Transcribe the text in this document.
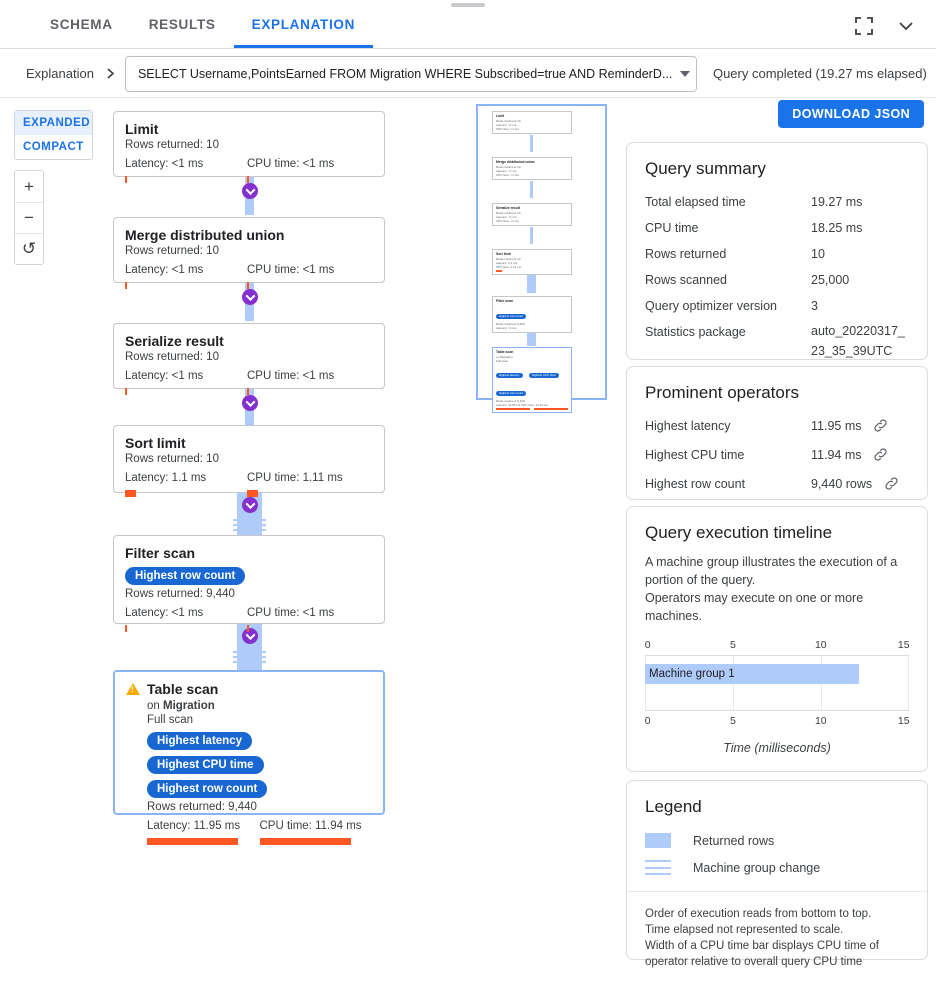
SCHEMA	RESULTS	EXPLANATION
Explanation	SELECT Username,PointsEarned FROM Migration WHERE Subscribed=true AND ReminderD...	Query completed (19.27 ms elapsed)
EXPANDED
COMPACT
+
−
↺
Limit
Rows returned: 10
Latency: <1 ms	CPU time: <1 ms
Merge distributed union
Rows returned: 10
Latency: <1 ms	CPU time: <1 ms
Serialize result
Rows returned: 10
Latency: <1 ms	CPU time: <1 ms
Sort limit
Rows returned: 10
Latency: 1.1 ms	CPU time: 1.11 ms
Filter scan
Highest row count
Rows returned: 9,440
Latency: <1 ms	CPU time: <1 ms
!
Table scan
on Migration
Full scan
Highest latency
Highest CPU time
Highest row count
Rows returned: 9,440
Latency: 11.95 ms	CPU time: 11.94 ms
Limit
Rows returned: 10
Latency: <1 ms
CPU time: <1 ms
Merge distributed union
Rows returned: 10
Latency: <1 ms
CPU time: <1 ms
Serialize result
Rows returned: 10
Latency: <1 ms
CPU time: <1 ms
Sort limit
Rows returned: 10
Latency: 1.1 ms
CPU time: 1.11 ms
Filter scan
Highest row count
Rows returned: 9,440
Latency: <1 ms
Table scan
on Migration
Full scan
Highest latency	Highest CPU time
Highest row count
Rows returned: 9,440
Latency: 11.95 ms CPU time: 11.94 ms
DOWNLOAD JSON
Query summary
Total elapsed time	19.27 ms
CPU time	18.25 ms
Rows returned	10
Rows scanned	25,000
Query optimizer version	3
Statistics package	auto_20220317_23_35_39UTC
Prominent operators
Highest latency	11.95 ms
Highest CPU time	11.94 ms
Highest row count	9,440 rows
Query execution timeline
A machine group illustrates the execution of a
portion of the query.
Operators may execute on one or more
machines.
0	5	10	15
Machine group 1
0	5	10	15
Time (milliseconds)
Legend
Returned rows
Machine group change
Order of execution reads from bottom to top.
Time elapsed not represented to scale.
Width of a CPU time bar displays CPU time of
operator relative to overall query CPU time
